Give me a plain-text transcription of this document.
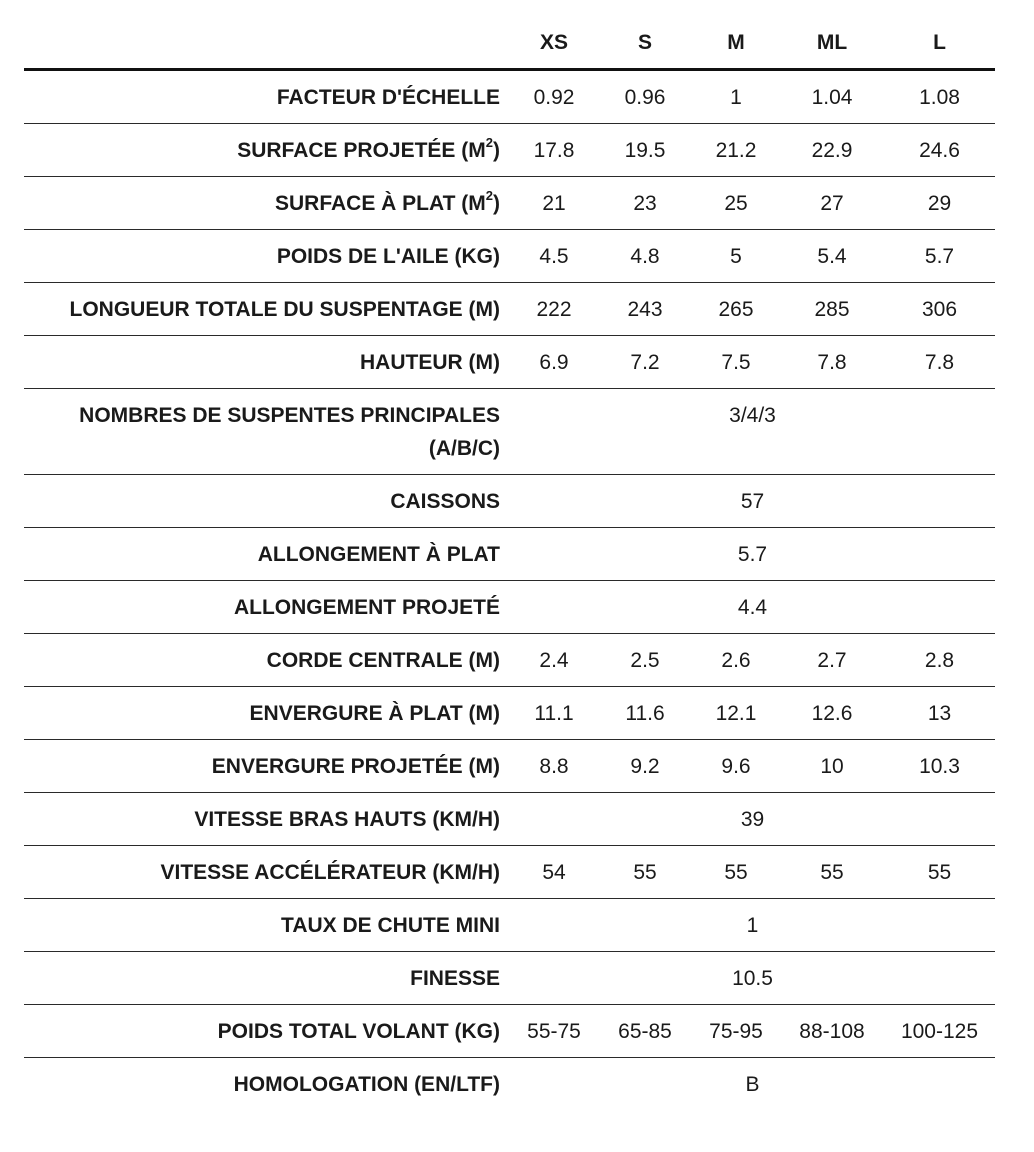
	XS	S	M	ML	L
FACTEUR D'ÉCHELLE	0.92	0.96	1	1.04	1.08
SURFACE PROJETÉE $(M^2)$	17.8	19.5	21.2	22.9	24.6
SURFACE À PLAT $(M^2)$	21	23	25	27	29
POIDS DE L'AILE (KG)	4.5	4.8	5	5.4	5.7
LONGUEUR TOTALE DU SUSPENTAGE (M)	222	243	265	285	306
HAUTEUR (M)	6.9	7.2	7.5	7.8	7.8
NOMBRES DE SUSPENTES PRINCIPALES (A/B/C)	3/4/3				
CAISSONS	57				
ALLONGEMENT À PLAT	5.7				
ALLONGEMENT PROJETÉ	4.4				
CORDE CENTRALE (M)	2.4	2.5	2.6	2.7	2.8
ENVERGURE À PLAT (M)	11.1	11.6	12.1	12.6	13
ENVERGURE PROJETÉE (M)	8.8	9.2	9.6	10	10.3
VITESSE BRAS HAUTS (KM/H)	39				
VITESSE ACCÉLÉRATEUR (KM/H)	54	55	55	55	55
TAUX DE CHUTE MINI	1				
FINESSE	10.5				
POIDS TOTAL VOLANT (KG)	55-75	65-85	75-95	88-108	100-125
HOMOLOGATION (EN/LTF)	B				
